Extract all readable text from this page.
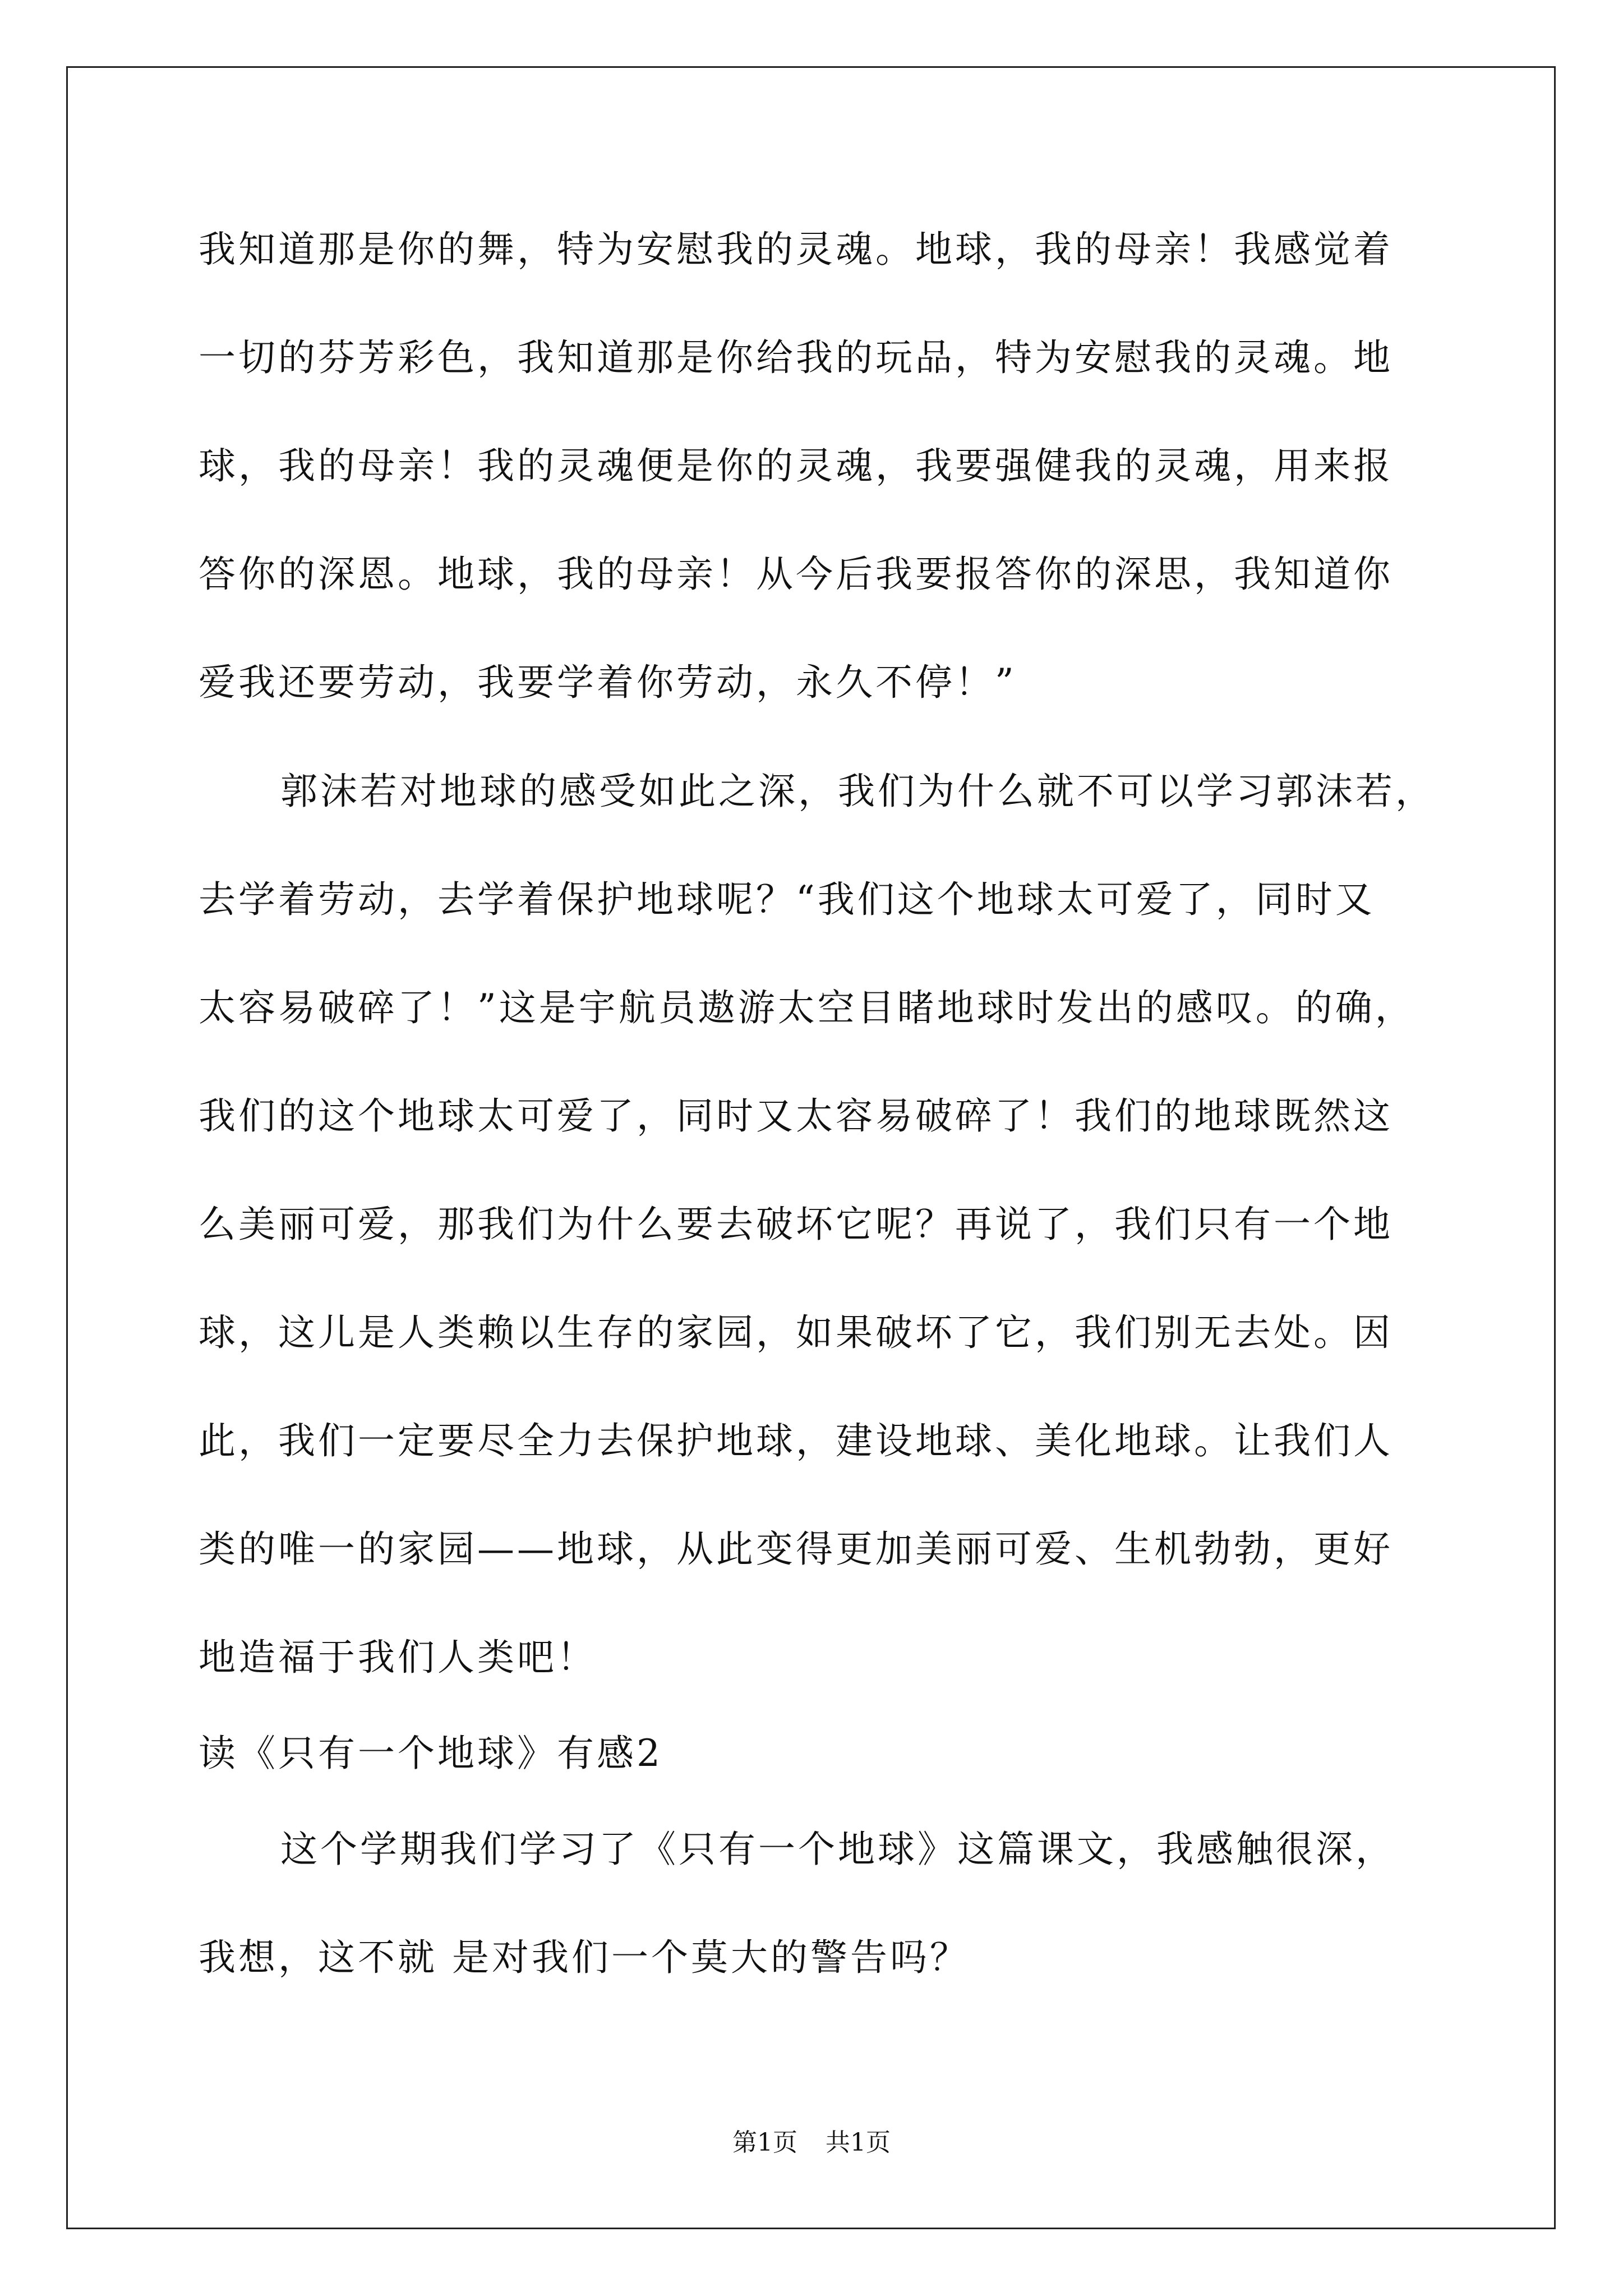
我知道那是你的舞，特为安慰我的灵魂。地球，我的母亲！我感觉着
一切的芬芳彩色，我知道那是你给我的玩品，特为安慰我的灵魂。地
球，我的母亲！我的灵魂便是你的灵魂，我要强健我的灵魂，用来报
答你的深恩。地球，我的母亲！从今后我要报答你的深思，我知道你
爱我还要劳动，我要学着你劳动，永久不停！”
郭沫若对地球的感受如此之深，我们为什么就不可以学习郭沫若，
去学着劳动，去学着保护地球呢？“我们这个地球太可爱了，同时又
太容易破碎了！”这是宇航员遨游太空目睹地球时发出的感叹。的确，
我们的这个地球太可爱了，同时又太容易破碎了！我们的地球既然这
么美丽可爱，那我们为什么要去破坏它呢？再说了，我们只有一个地
球，这儿是人类赖以生存的家园，如果破坏了它，我们别无去处。因
此，我们一定要尽全力去保护地球，建设地球、美化地球。让我们人
类的唯一的家园——地球，从此变得更加美丽可爱、生机勃勃，更好
地造福于我们人类吧！
读《只有一个地球》有感2
这个学期我们学习了《只有一个地球》这篇课文，我感触很深，
我想，这不就 是对我们一个莫大的警告吗？
第1页 共1页
